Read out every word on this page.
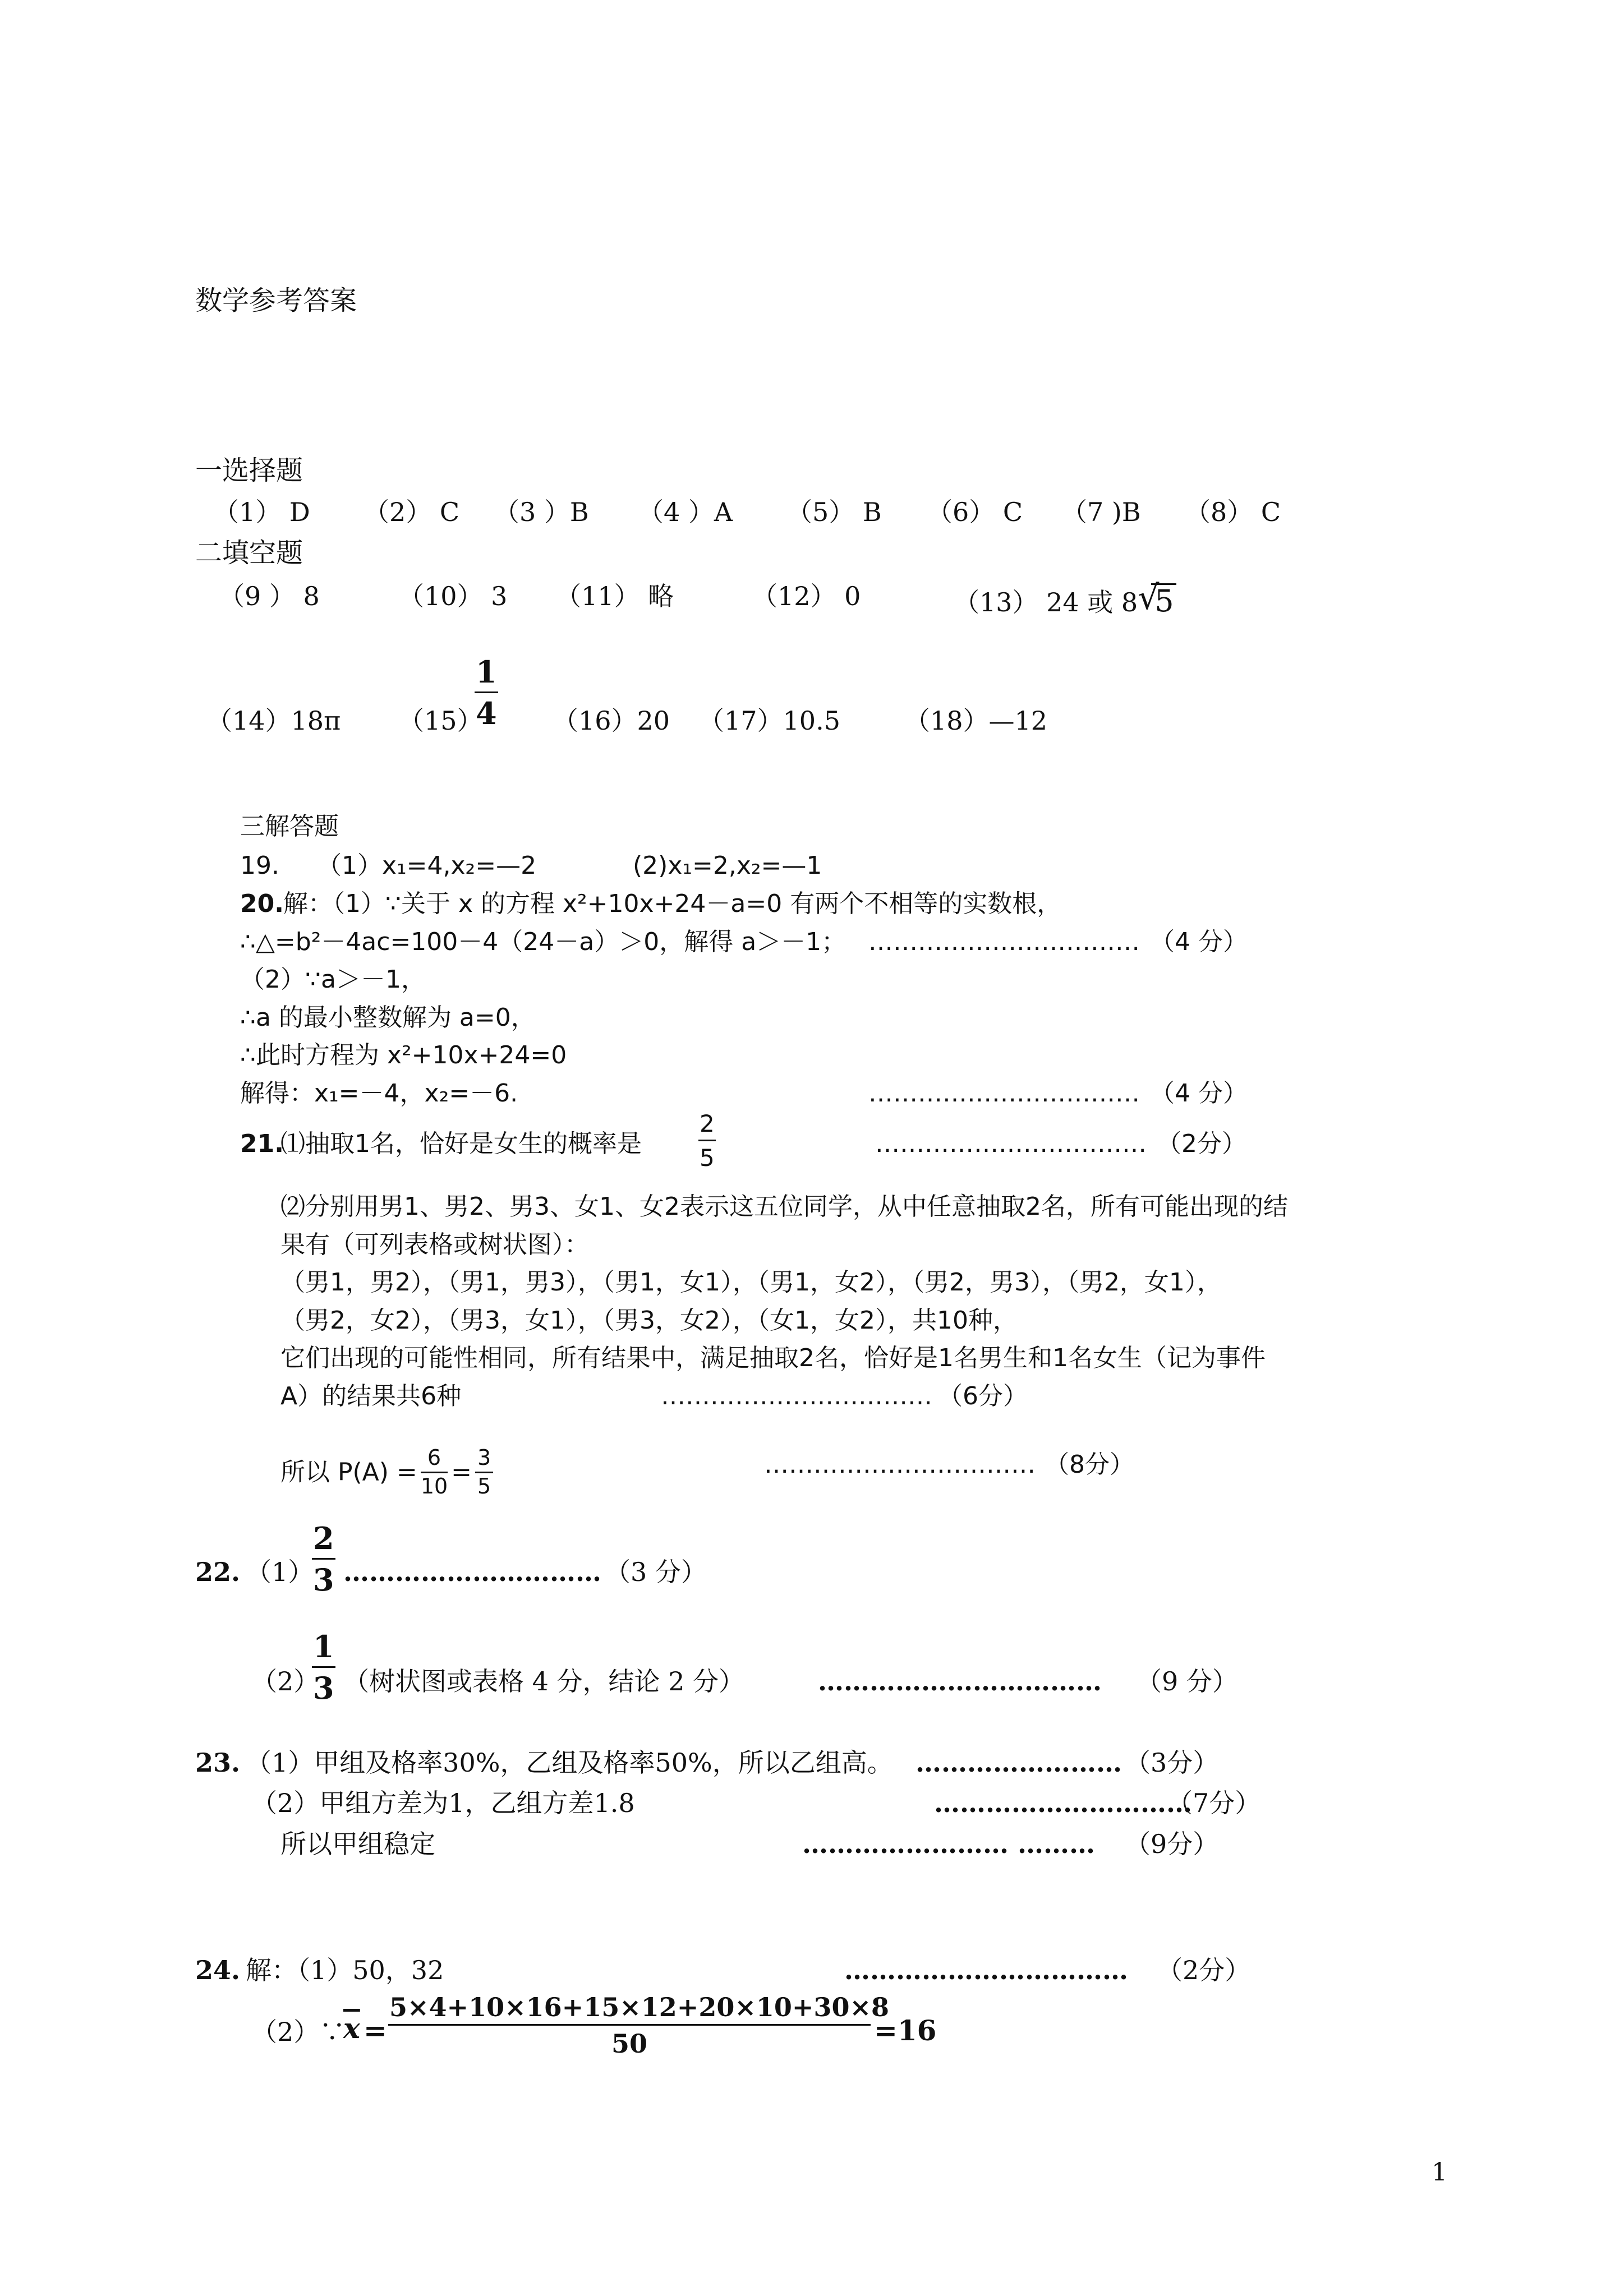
数学参考答案
一选择题
（1） D （2） C （3 ）B （4 ）A （5） B （6） C （7 )B （8） C
二填空题
（9 ） 8	（10） 3 （11） 略	（12） 0	（13） 24 或 8 √
5
（14）18π （15）
$\frac{1}{4} (16)20$ （17）10.5 （18）—12
三解答题
19. （1）x₁=4,x₂=—2	(2)x₁=2,x₂=—1
20. 解：（1）∵关于 x 的方程 x²+10x+24－a=0 有两个不相等的实数根，
∴△=b²－4ac=100－4（24－a）＞0，解得 a＞－1； …………………………… （4 分）
（2）∵a＞－1，
∴a 的最小整数解为 a=0，
∴此时方程为 x²+10x+24=0
解得：x₁=－4，x₂=－6.	…………………………… （4 分）
21.
⑴抽取1名，恰好是女生的概率是 $\frac{2}{5}$	…………………………… （2分）
⑵分别用男1、男2、男3、女1、女2表示这五位同学，从中任意抽取2名，所有可能出现的结
果有（可列表格或树状图）：
（男1，男2），（男1，男3），（男1，女1），（男1，女2），（男2，男3），（男2，女1），
（男2，女2），（男3，女1），（男3，女2），（女1，女2），共10种，
它们出现的可能性相同，所有结果中，满足抽取2名，恰好是1名男生和1名女生（记为事件
A）的结果共6种	…………………………… （6分）
所以 $P(A) = \frac{6}{10} = \frac{3}{5}$	…………………………… （8分）
22. （1）
$\frac{2}{3}$ ………………………… （3 分）
（2）
$\frac{1}{3}$ （树状图或表格 4 分，结论 2 分）	…………………………… （9 分）
23. （1）甲组及格率30%，乙组及格率50%，所以乙组高。 …………………… （3分）
（2）甲组方差为1，乙组方差1.8	…………………………
（7分）
所以甲组稳定	…………………… ……… （9分）
24. 解：（1）50，32	…………………………… （2分）
（2）∵
$\overline{x} = \frac{5\times 4+10\times 16+15\times 12+20\times 10+30\times 8}{50} =16$
1
